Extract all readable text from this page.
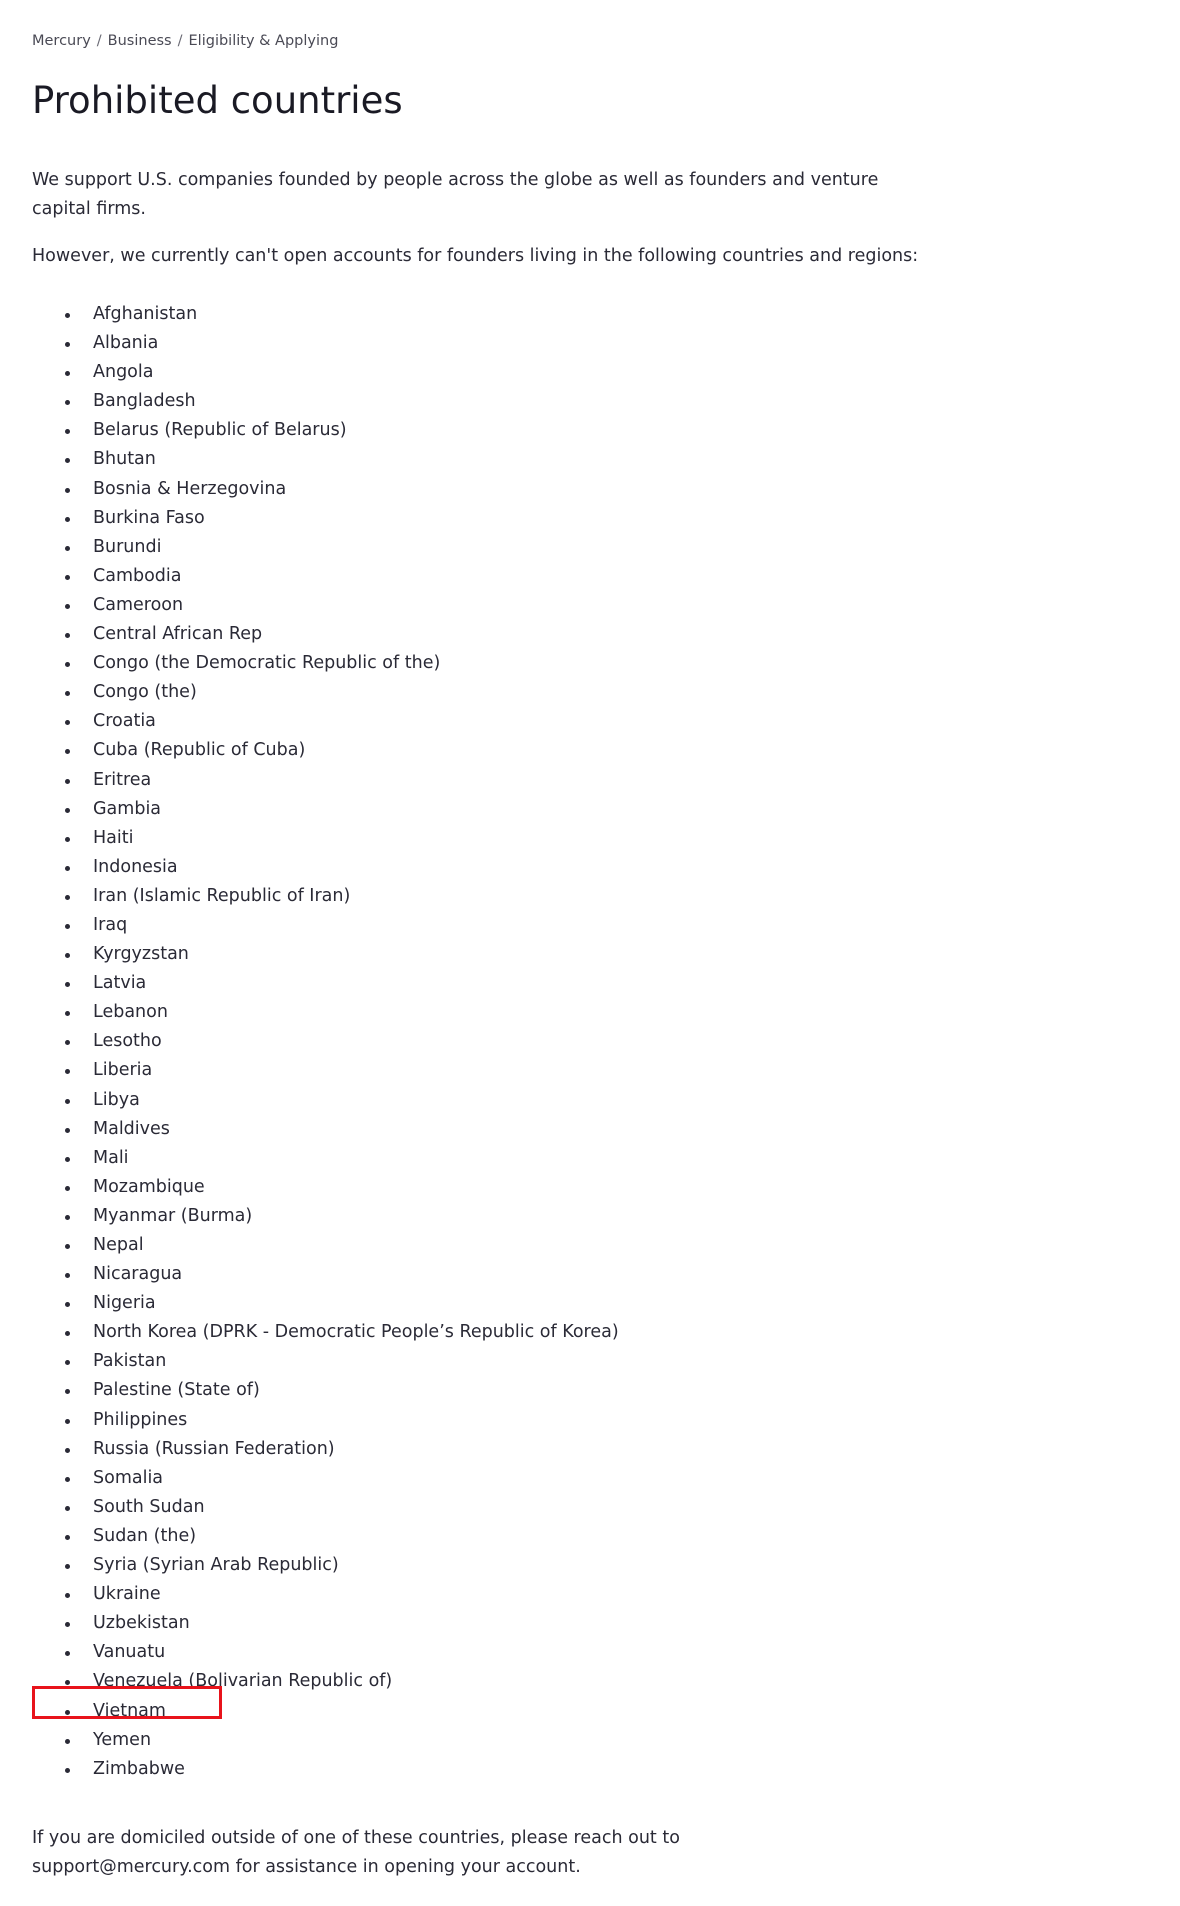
Mercury / Business / Eligibility & Applying
Prohibited countries

We support U.S. companies founded by people across the globe as well as founders and venture capital firms.

However, we currently can't open accounts for founders living in the following countries and regions:

Afghanistan
Albania
Angola
Bangladesh
Belarus (Republic of Belarus)
Bhutan
Bosnia & Herzegovina
Burkina Faso
Burundi
Cambodia
Cameroon
Central African Rep
Congo (the Democratic Republic of the)
Congo (the)
Croatia
Cuba (Republic of Cuba)
Eritrea
Gambia
Haiti
Indonesia
Iran (Islamic Republic of Iran)
Iraq
Kyrgyzstan
Latvia
Lebanon
Lesotho
Liberia
Libya
Maldives
Mali
Mozambique
Myanmar (Burma)
Nepal
Nicaragua
Nigeria
North Korea (DPRK - Democratic People’s Republic of Korea)
Pakistan
Palestine (State of)
Philippines
Russia (Russian Federation)
Somalia
South Sudan
Sudan (the)
Syria (Syrian Arab Republic)
Ukraine
Uzbekistan
Vanuatu
Venezuela (Bolivarian Republic of)
Vietnam
Yemen
Zimbabwe

If you are domiciled outside of one of these countries, please reach out to support@mercury.com for assistance in opening your account.
